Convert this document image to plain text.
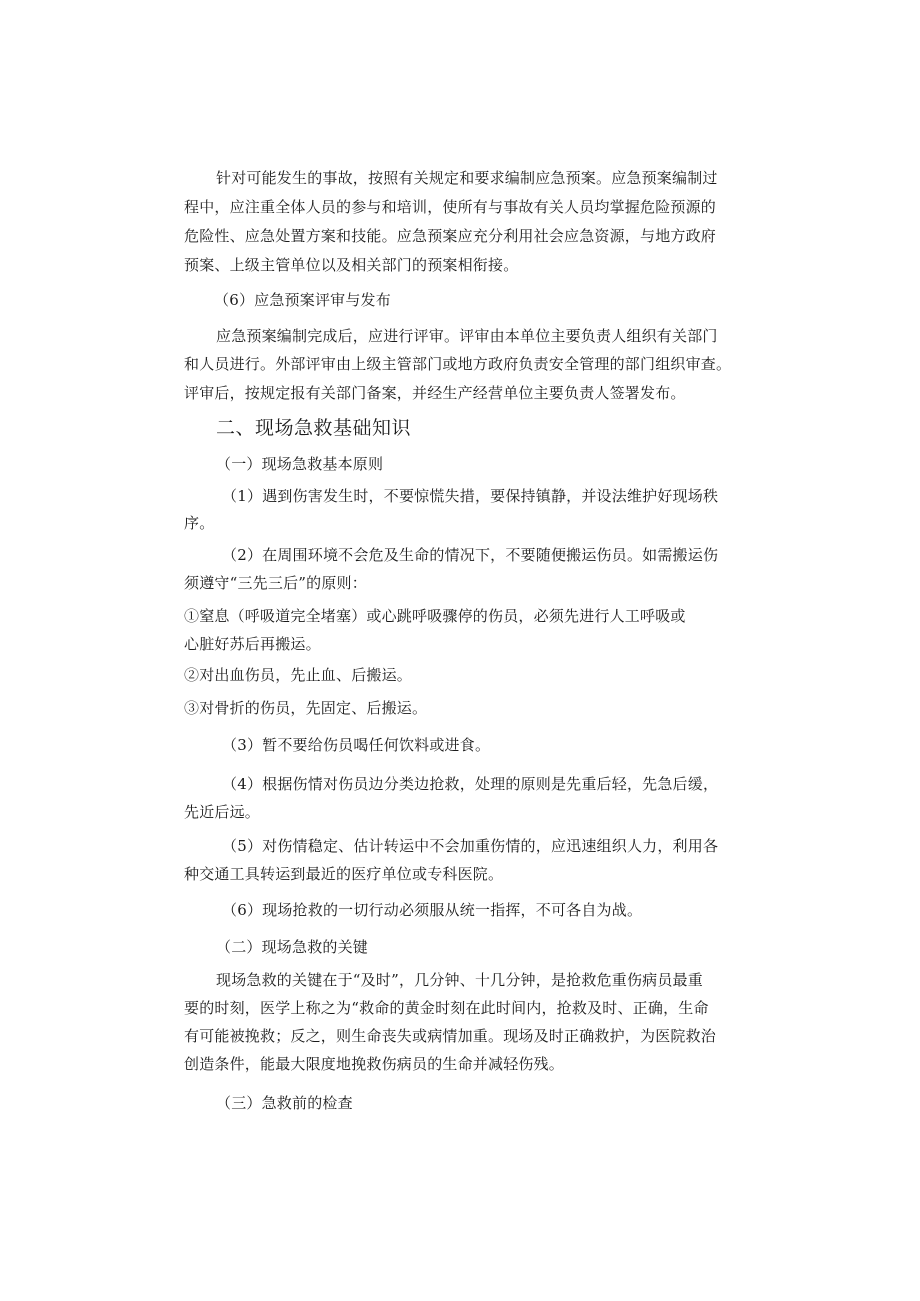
针对可能发生的事故，按照有关规定和要求编制应急预案。应急预案编制过
程中，应注重全体人员的参与和培训，使所有与事故有关人员均掌握危险预源的
危险性、应急处置方案和技能。应急预案应充分利用社会应急资源，与地方政府
预案、上级主管单位以及相关部门的预案相衔接。
（6）应急预案评审与发布
应急预案编制完成后，应进行评审。评审由本单位主要负责人组织有关部门
和人员进行。外部评审由上级主管部门或地方政府负责安全管理的部门组织审查。
评审后，按规定报有关部门备案，并经生产经营单位主要负责人签署发布。
二、现场急救基础知识
（一）现场急救基本原则
（1）遇到伤害发生时，不要惊慌失措，要保持镇静，并设法维护好现场秩
序。
（2）在周围环境不会危及生命的情况下，不要随便搬运伤员。如需搬运伤
须遵守“三先三后”的原则：
①窒息（呼吸道完全堵塞）或心跳呼吸骤停的伤员，必须先进行人工呼吸或
心脏好苏后再搬运。
②对出血伤员，先止血、后搬运。
③对骨折的伤员，先固定、后搬运。
（3）暂不要给伤员喝任何饮料或进食。
（4）根据伤情对伤员边分类边抢救，处理的原则是先重后轻，先急后缓，
先近后远。
（5）对伤情稳定、估计转运中不会加重伤情的，应迅速组织人力，利用各
种交通工具转运到最近的医疗单位或专科医院。
（6）现场抢救的一切行动必须服从统一指挥，不可各自为战。
（二）现场急救的关键
现场急救的关键在于“及时”，几分钟、十几分钟，是抢救危重伤病员最重
要的时刻，医学上称之为“救命的黄金时刻在此时间内，抢救及时、正确，生命
有可能被挽救；反之，则生命丧失或病情加重。现场及时正确救护，为医院救治
创造条件，能最大限度地挽救伤病员的生命并减轻伤残。
（三）急救前的检查
